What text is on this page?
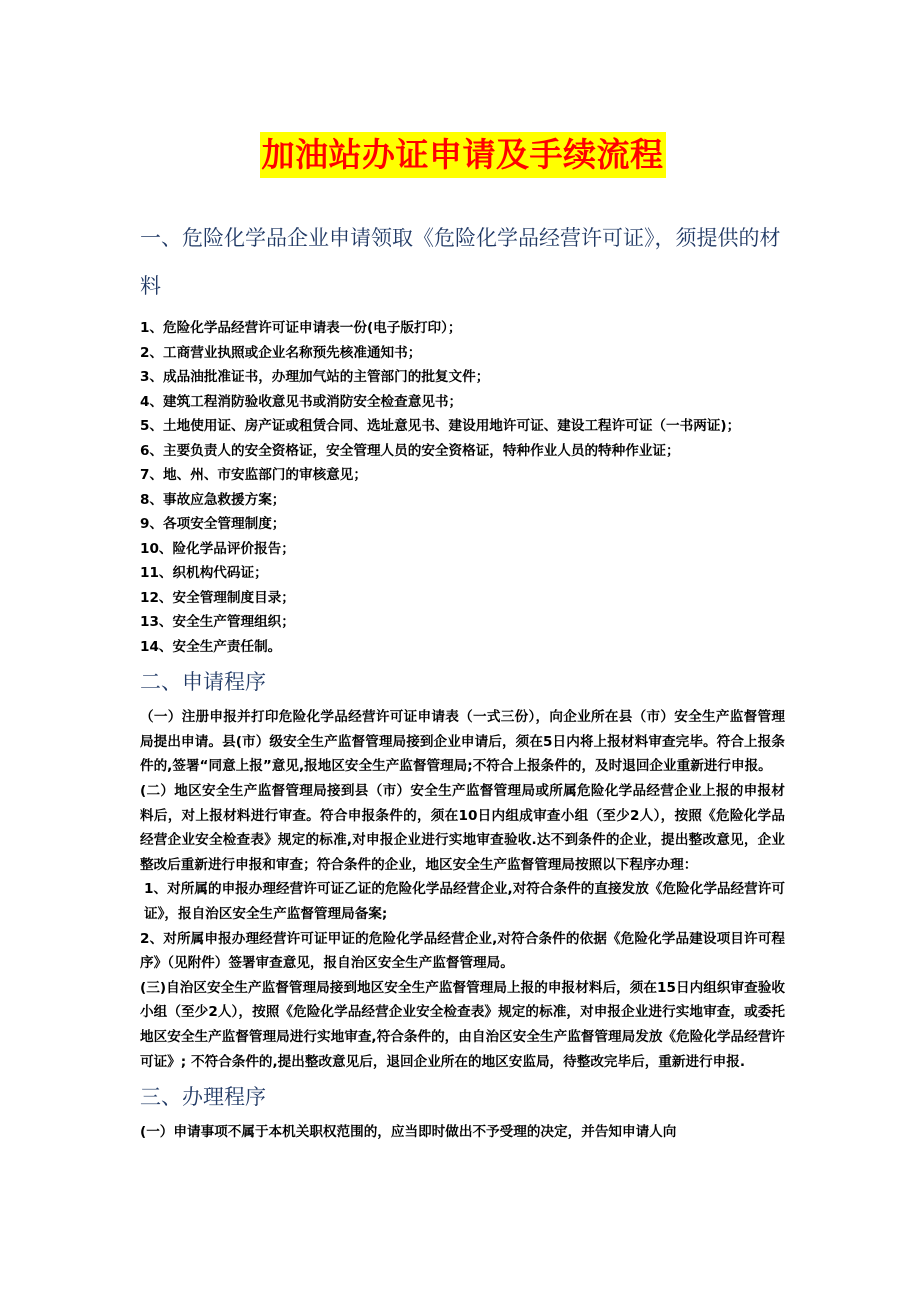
加油站办证申请及手续流程
一、危险化学品企业申请领取《危险化学品经营许可证》，须提供的材料
1、危险化学品经营许可证申请表一份(电子版打印）；
2、工商营业执照或企业名称预先核准通知书；
3、成品油批准证书，办理加气站的主管部门的批复文件；
4、建筑工程消防验收意见书或消防安全检查意见书；
5、土地使用证、房产证或租赁合同、选址意见书、建设用地许可证、建设工程许可证（一书两证)；
6、主要负责人的安全资格证，安全管理人员的安全资格证，特种作业人员的特种作业证；
7、地、州、市安监部门的审核意见；
8、事故应急救援方案；
9、各项安全管理制度；
10、险化学品评价报告；
11、织机构代码证；
12、安全管理制度目录；
13、安全生产管理组织；
14、安全生产责任制。
二、申请程序

（一）注册申报并打印危险化学品经营许可证申请表（一式三份），向企业所在县（市）安全生产监督管理局提出申请。县(市）级安全生产监督管理局接到企业申请后，须在5日内将上报材料审查完毕。符合上报条件的,签署“同意上报”意见,报地区安全生产监督管理局;不符合上报条件的，及时退回企业重新进行申报。

(二）地区安全生产监督管理局接到县（市）安全生产监督管理局或所属危险化学品经营企业上报的申报材料后，对上报材料进行审查。符合申报条件的，须在10日内组成审查小组（至少2人），按照《危险化学品经营企业安全检查表》规定的标准,对申报企业进行实地审查验收.达不到条件的企业，提出整改意见，企业整改后重新进行申报和审查；符合条件的企业，地区安全生产监督管理局按照以下程序办理：

1、对所属的申报办理经营许可证乙证的危险化学品经营企业,对符合条件的直接发放《危险化学品经营许可证》，报自治区安全生产监督管理局备案;

2、对所属申报办理经营许可证甲证的危险化学品经营企业,对符合条件的依据《危险化学品建设项目许可程序》（见附件）签署审查意见，报自治区安全生产监督管理局。

(三)自治区安全生产监督管理局接到地区安全生产监督管理局上报的申报材料后，须在15日内组织审查验收小组（至少2人），按照《危险化学品经营企业安全检查表》规定的标准，对申报企业进行实地审查，或委托地区安全生产监督管理局进行实地审查,符合条件的，由自治区安全生产监督管理局发放《危险化学品经营许可证》; 不符合条件的,提出整改意见后，退回企业所在的地区安监局，待整改完毕后，重新进行申报.

三、办理程序

(一）申请事项不属于本机关职权范围的，应当即时做出不予受理的决定，并告知申请人向
